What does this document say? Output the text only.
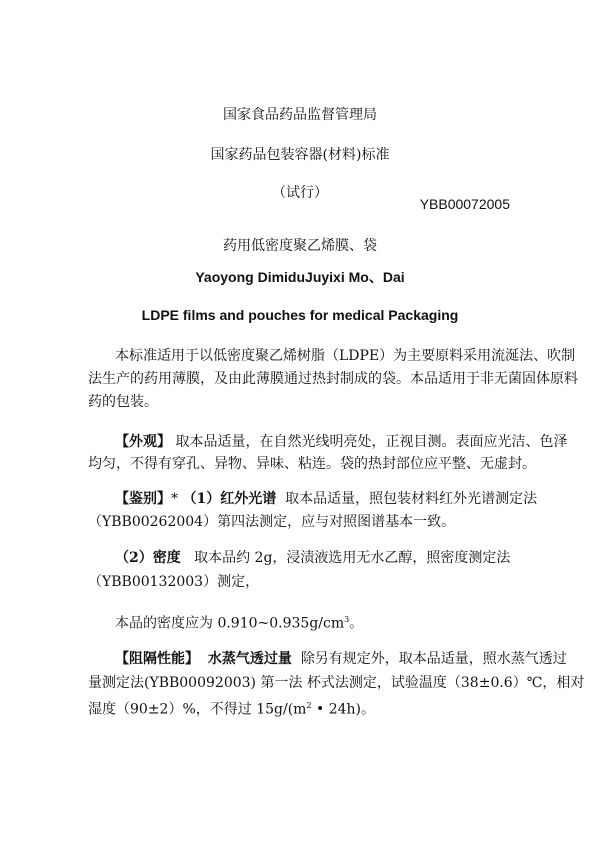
国家食品药品监督管理局
国家药品包装容器(材料)标准
（试行）
YBB00072005
药用低密度聚乙烯膜、袋
Yaoyong DimiduJuyixi Mo、Dai
LDPE films and pouches for medical Packaging
本标准适用于以低密度聚乙烯树脂（LDPE）为主要原料采用流涎法、吹制
法生产的药用薄膜，及由此薄膜通过热封制成的袋。本品适用于非无菌固体原料
药的包装。
【外观】 取本品适量，在自然光线明亮处，正视目测。表面应光洁、色泽
均匀，不得有穿孔、异物、异味、粘连。袋的热封部位应平整、无虚封。
【鉴别】* （1）红外光谱 取本品适量，照包装材料红外光谱测定法
（YBB00262004）第四法测定，应与对照图谱基本一致。
（2）密度 取本品约 2g，浸渍液选用无水乙醇，照密度测定法
（YBB00132003）测定，
本品的密度应为 $0.910\sim 0.935g/cm^3$。
【阻隔性能】 水蒸气透过量 除另有规定外，取本品适量，照水蒸气透过
量测定法(YBB00092003) 第一法 杯式法测定，试验温度（38±0.6）℃，相对
湿度（90±2）%，不得过 $15g/(m^2$ • 24h)。
